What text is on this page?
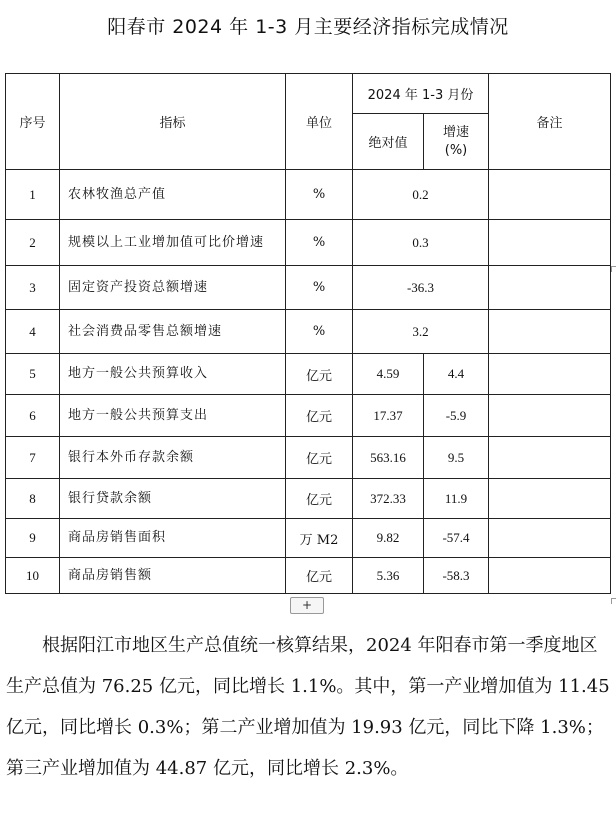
阳春市 2024 年 1-3 月主要经济指标完成情况
序号	指标	单位	2024 年 1-3 月份		备注
			绝对值	增速
(%)	

1	农林牧渔总产值	%	0.2		
2	规模以上工业增加值可比价增速	%	0.3		
3	固定资产投资总额增速	%	-36.3		
4	社会消费品零售总额增速	%	3.2		
5	地方一般公共预算收入	亿元	4.59	4.4	
6	地方一般公共预算支出	亿元	17.37	-5.9	
7	银行本外币存款余额	亿元	563.16	9.5	
8	银行贷款余额	亿元	372.33	11.9	
9	商品房销售面积	万 M2	9.82	-57.4	
10	商品房销售额	亿元	5.36	-58.3	
+
根据阳江市地区生产总值统一核算结果，2024 年阳春市第一季度地区生产总值为 76.25 亿元，同比增长 1.1%。其中，第一产业增加值为 11.45 亿元，同比增长 0.3%；第二产业增加值为 19.93 亿元，同比下降 1.3%；第三产业增加值为 44.87 亿元，同比增长 2.3%。
